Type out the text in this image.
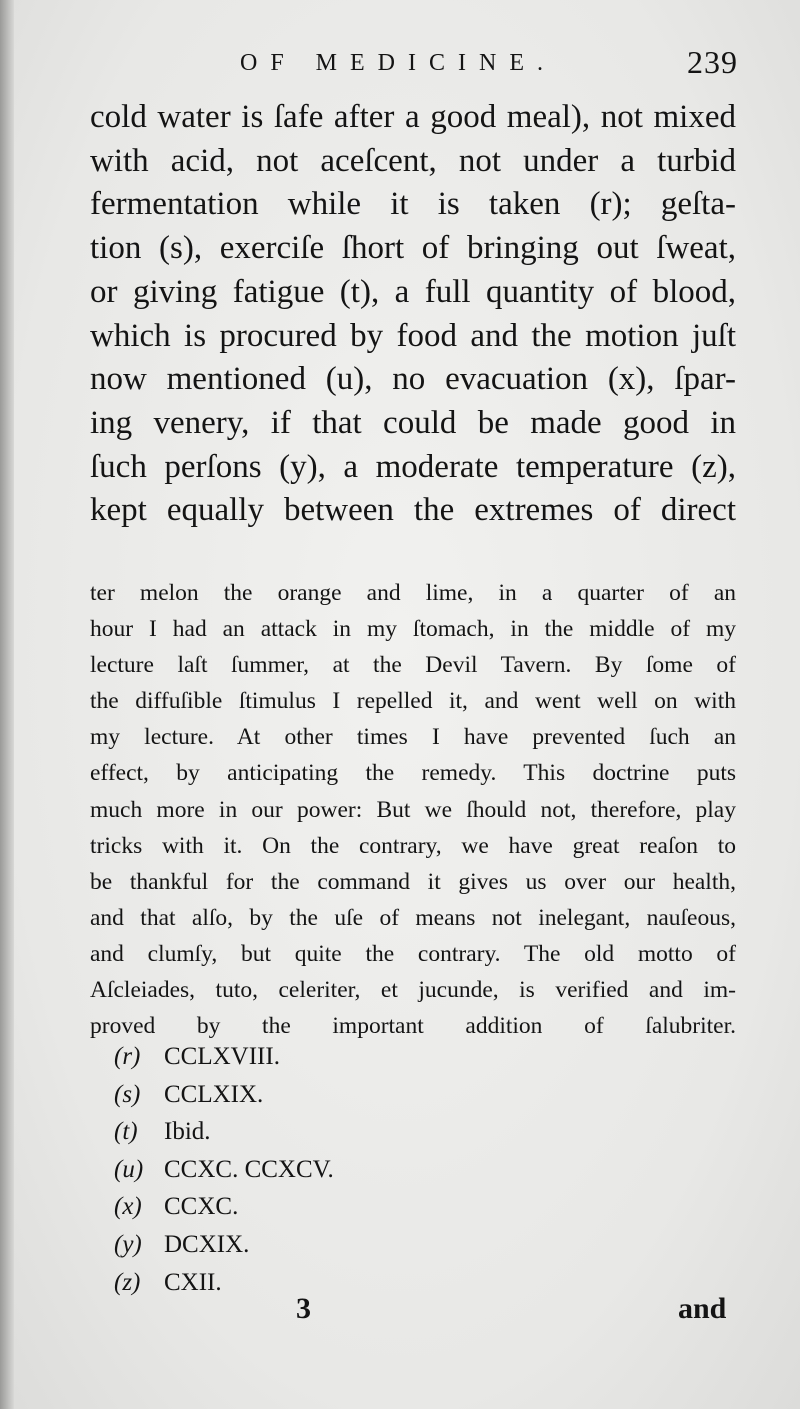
OF MEDICINE.	239
cold water is ſafe after a good meal), not mixed
with acid, not aceſcent, not under a turbid
fermentation while it is taken (r); geſta-
tion (s), exerciſe ſhort of bringing out ſweat,
or giving fatigue (t), a full quantity of blood,
which is procured by food and the motion juſt
now mentioned (u), no evacuation (x), ſpar-
ing venery, if that could be made good in
ſuch perſons (y), a moderate temperature (z),
kept equally between the extremes of direct
ter melon the orange and lime, in a quarter of an
hour I had an attack in my ſtomach, in the middle of my
lecture laſt ſummer, at the Devil Tavern. By ſome of
the diffuſible ſtimulus I repelled it, and went well on with
my lecture. At other times I have prevented ſuch an
effect, by anticipating the remedy. This doctrine puts
much more in our power: But we ſhould not, therefore, play
tricks with it. On the contrary, we have great reaſon to
be thankful for the command it gives us over our health,
and that alſo, by the uſe of means not inelegant, nauſeous,
and clumſy, but quite the contrary. The old motto of
Aſcleiades, tuto, celeriter, et jucunde, is verified and im-
proved by the important addition of ſalubriter.
(r) CCLXVIII.
(s) CCLXIX.
(t) Ibid.
(u) CCXC. CCXCV.
(x) CCXC.
(y) DCXIX.
(z) CXII.
3	and
